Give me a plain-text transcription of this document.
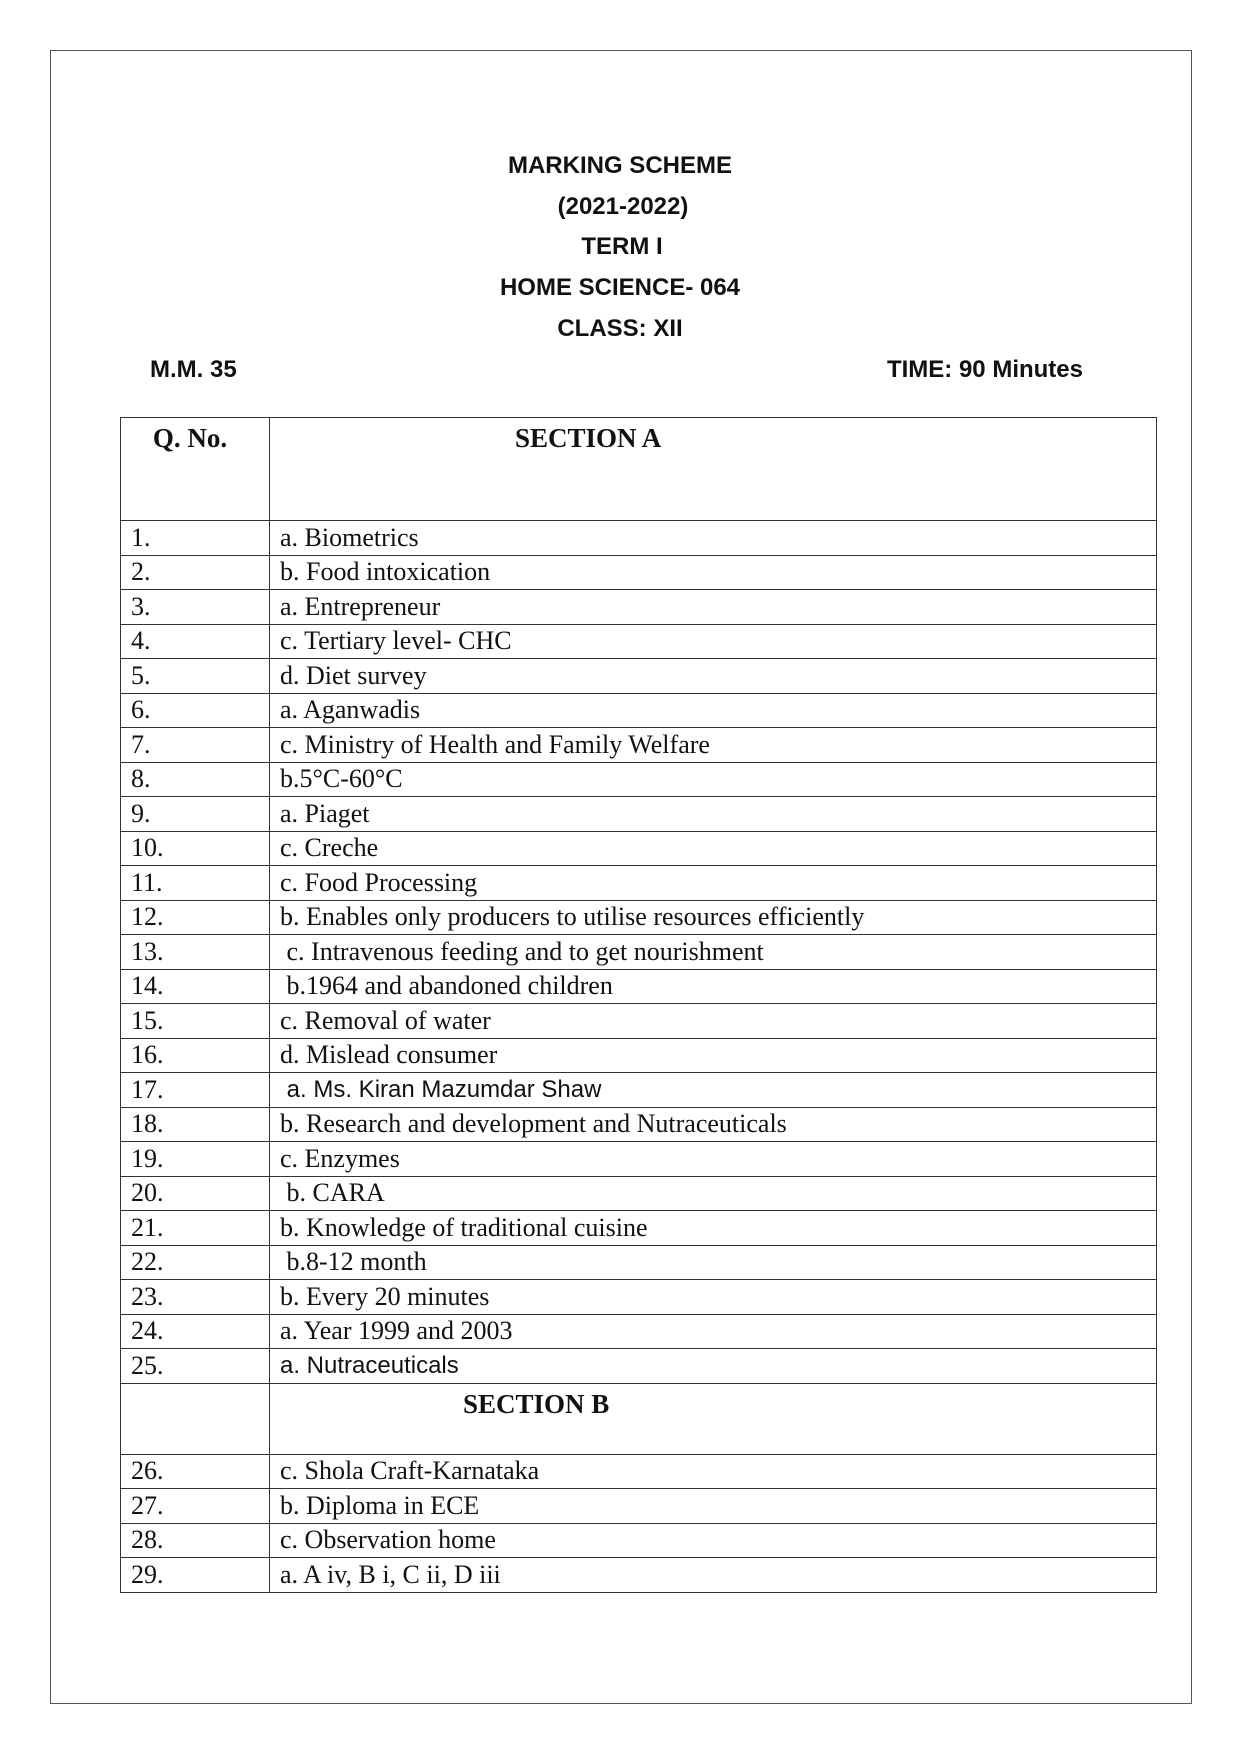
MARKING SCHEME
(2021-2022)
TERM I
HOME SCIENCE- 064
CLASS: XII
M.M. 35	TIME: 90 Minutes
Q. No.	SECTION A
1.	a. Biometrics
2.	b. Food intoxication
3.	a. Entrepreneur
4.	c. Tertiary level- CHC
5.	d. Diet survey
6.	a. Aganwadis
7.	c. Ministry of Health and Family Welfare
8.	b.5°C-60°C
9.	a. Piaget
10.	c. Creche
11.	c. Food Processing
12.	b. Enables only producers to utilise resources efficiently
13.	c. Intravenous feeding and to get nourishment
14.	b.1964 and abandoned children
15.	c. Removal of water
16.	d. Mislead consumer
17.	a. Ms. Kiran Mazumdar Shaw
18.	b. Research and development and Nutraceuticals
19.	c. Enzymes
20.	b. CARA
21.	b. Knowledge of traditional cuisine
22.	b.8-12 month
23.	b. Every 20 minutes
24.	a. Year 1999 and 2003
25.	a. Nutraceuticals
	SECTION B
26.	c. Shola Craft-Karnataka
27.	b. Diploma in ECE
28.	c. Observation home
29.	a. A iv, B i, C ii, D iii
